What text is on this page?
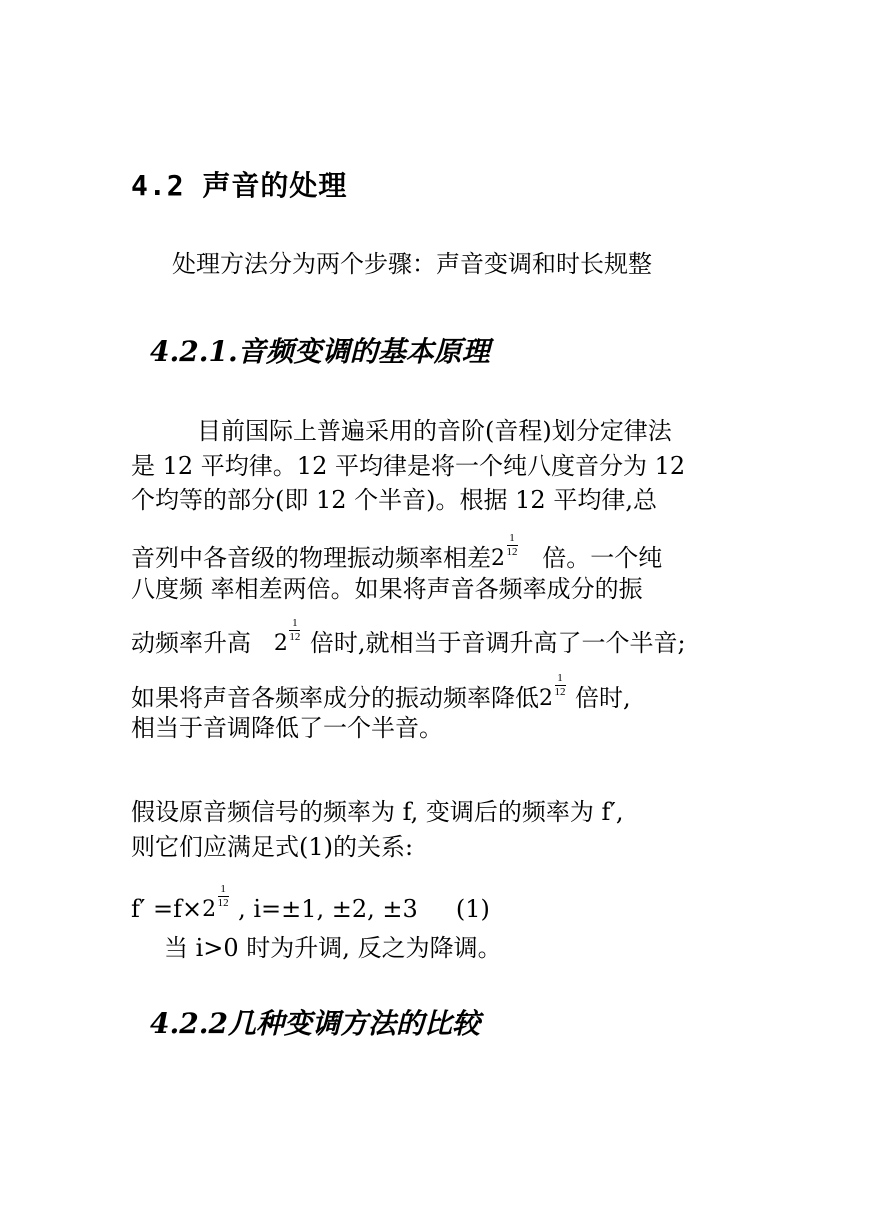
4.2 声音的处理
处理方法分为两个步骤：声音变调和时长规整
4.2.1.音频变调的基本原理
目前国际上普遍采用的音阶(音程)划分定律法
是 12 平均律。12 平均律是将一个纯八度音分为 12
个均等的部分(即 12 个半音)。根据 12 平均律,总
音列中各音级的物理振动频率相差 2
1
12 倍。一个纯
八度频 率相差两倍。如果将声音各频率成分的振
动频率升高 2
1
12 倍时,就相当于音调升高了一个半音;
如果将声音各频率成分的振动频率降低 2
1
12 倍时,
相当于音调降低了一个半音。
假设原音频信号的频率为 f, 变调后的频率为 f′,
则它们应满足式(1)的关系:
f′ =f× 2
1
12 , i=±1, ±2, ±3 (1)
当 i>0 时为升调, 反之为降调。
4.2.2几种变调方法的比较
